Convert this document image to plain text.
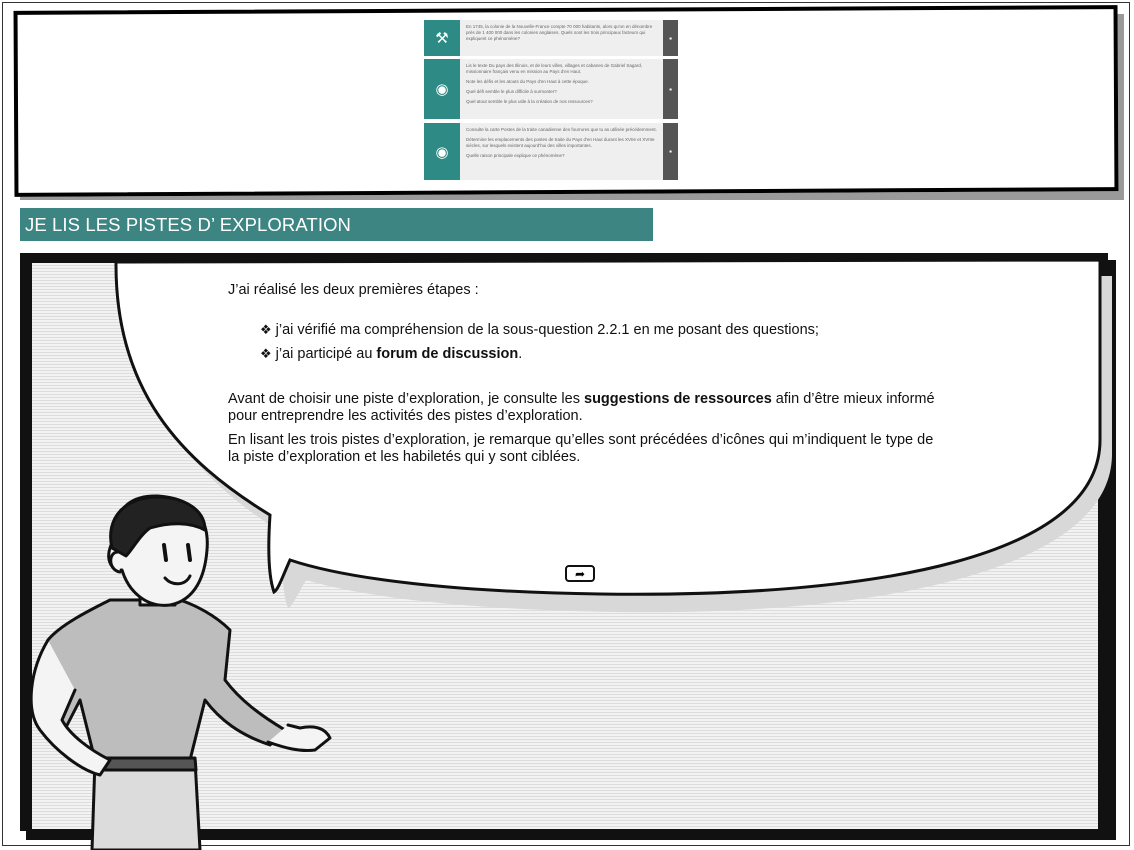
⚒

En 1745, la colonie de la Nouvelle-France compte 70 000 habitants, alors qu'on en dénombre près de 1 400 000 dans les colonies anglaises. Quels sont les trois principaux facteurs qui expliquent ce phénomène?	▪
◉

Lis le texte Du pays des Illinois, et de leurs villes, villages et cabanes de Gabriel Sagard, missionnaire français venu en mission au Pays d'en Haut.

Note les défis et les atouts du Pays d'en Haut à cette époque.

Quel défi semble le plus difficile à surmonter?

Quel atout semble le plus utile à la création de nos ressources?

▪
◉

Consulte la carte Postes de la traite canadienne des fourrures que tu as utilisée précédemment.

Détermine les emplacements des postes de traite du Pays d'en Haut durant les XVIIe et XVIIIe siècles, sur lesquels existent aujourd'hui des villes importantes.

Quelle raison principale explique ce phénomène?	▪
JE LIS LES PISTES D’ EXPLORATION

J’ai réalisé les deux premières étapes :

❖ j’ai vérifié ma compréhension de la sous-question 2.2.1 en me posant des questions;
❖ j’ai participé au forum de discussion.

Avant de choisir une piste d’exploration, je consulte les suggestions de ressources afin d’être mieux informé pour entreprendre les activités des pistes d’exploration.

En lisant les trois pistes d’exploration, je remarque qu’elles sont précédées d’icônes qui m’indiquent le type de la piste d’exploration et les habiletés qui y sont ciblées.

➦
